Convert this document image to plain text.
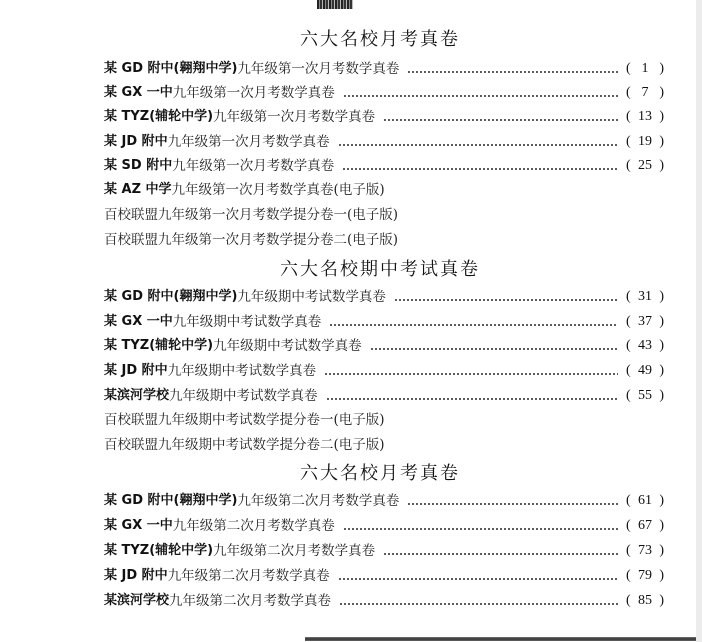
六大名校月考真卷
某 GD 附中(翱翔中学) 九年级第一次月考数学真卷	( 1 )
某 GX 一中 九年级第一次月考数学真卷	( 7 )
某 TYZ(辅轮中学) 九年级第一次月考数学真卷	( 13 )
某 JD 附中 九年级第一次月考数学真卷	( 19 )
某 SD 附中 九年级第一次月考数学真卷	( 25 )
某 AZ 中学 九年级第一次月考数学真卷(电子版)
百校联盟九年级第一次月考数学提分卷一(电子版)
百校联盟九年级第一次月考数学提分卷二(电子版)
六大名校期中考试真卷
某 GD 附中(翱翔中学) 九年级期中考试数学真卷	( 31 )
某 GX 一中 九年级期中考试数学真卷	( 37 )
某 TYZ(辅轮中学) 九年级期中考试数学真卷	( 43 )
某 JD 附中 九年级期中考试数学真卷	( 49 )
某滨河学校 九年级期中考试数学真卷	( 55 )
百校联盟九年级期中考试数学提分卷一(电子版)
百校联盟九年级期中考试数学提分卷二(电子版)
六大名校月考真卷
某 GD 附中(翱翔中学) 九年级第二次月考数学真卷	( 61 )
某 GX 一中 九年级第二次月考数学真卷	( 67 )
某 TYZ(辅轮中学) 九年级第二次月考数学真卷	( 73 )
某 JD 附中 九年级第二次月考数学真卷	( 79 )
某滨河学校 九年级第二次月考数学真卷	( 85 )
